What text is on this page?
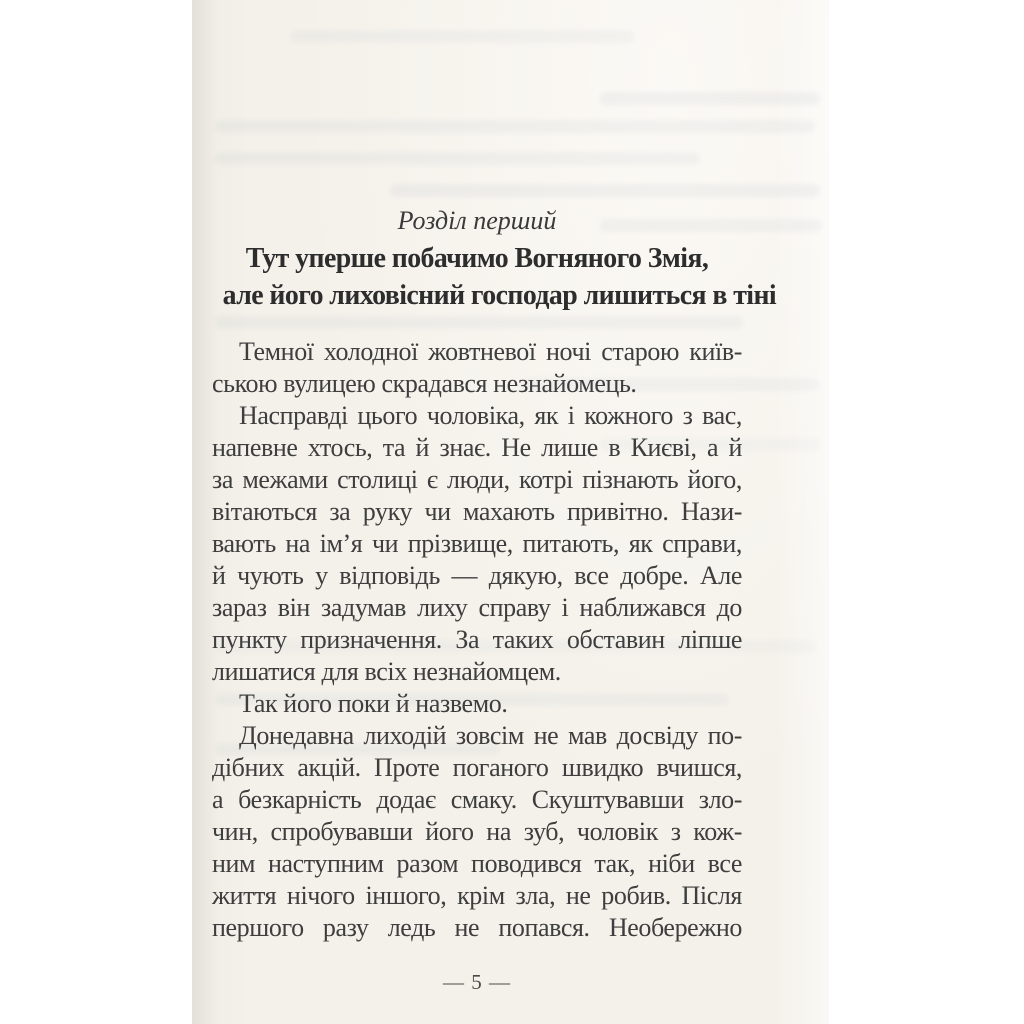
Розділ перший
Тут уперше побачимо Вогняного Змія,
але його лиховісний господар лишиться в тіні
Темної холодної жовтневої ночі старою київ-
ською вулицею скрадався незнайомець.
Насправді цього чоловіка, як і кожного з вас,
напевне хтось, та й знає. Не лише в Києві, а й
за межами столиці є люди, котрі пізнають його,
вітаються за руку чи махають привітно. Нази-
вають на ім’я чи прізвище, питають, як справи,
й чують у відповідь — дякую, все добре. Але
зараз він задумав лиху справу і наближався до
пункту призначення. За таких обставин ліпше
лишатися для всіх незнайомцем.
Так його поки й назвемо.
Донедавна лиходій зовсім не мав досвіду по-
дібних акцій. Проте поганого швидко вчишся,
а безкарність додає смаку. Скуштувавши зло-
чин, спробувавши його на зуб, чоловік з кож-
ним наступним разом поводився так, ніби все
життя нічого іншого, крім зла, не робив. Після
першого разу ледь не попався. Необережно
— 5 —
